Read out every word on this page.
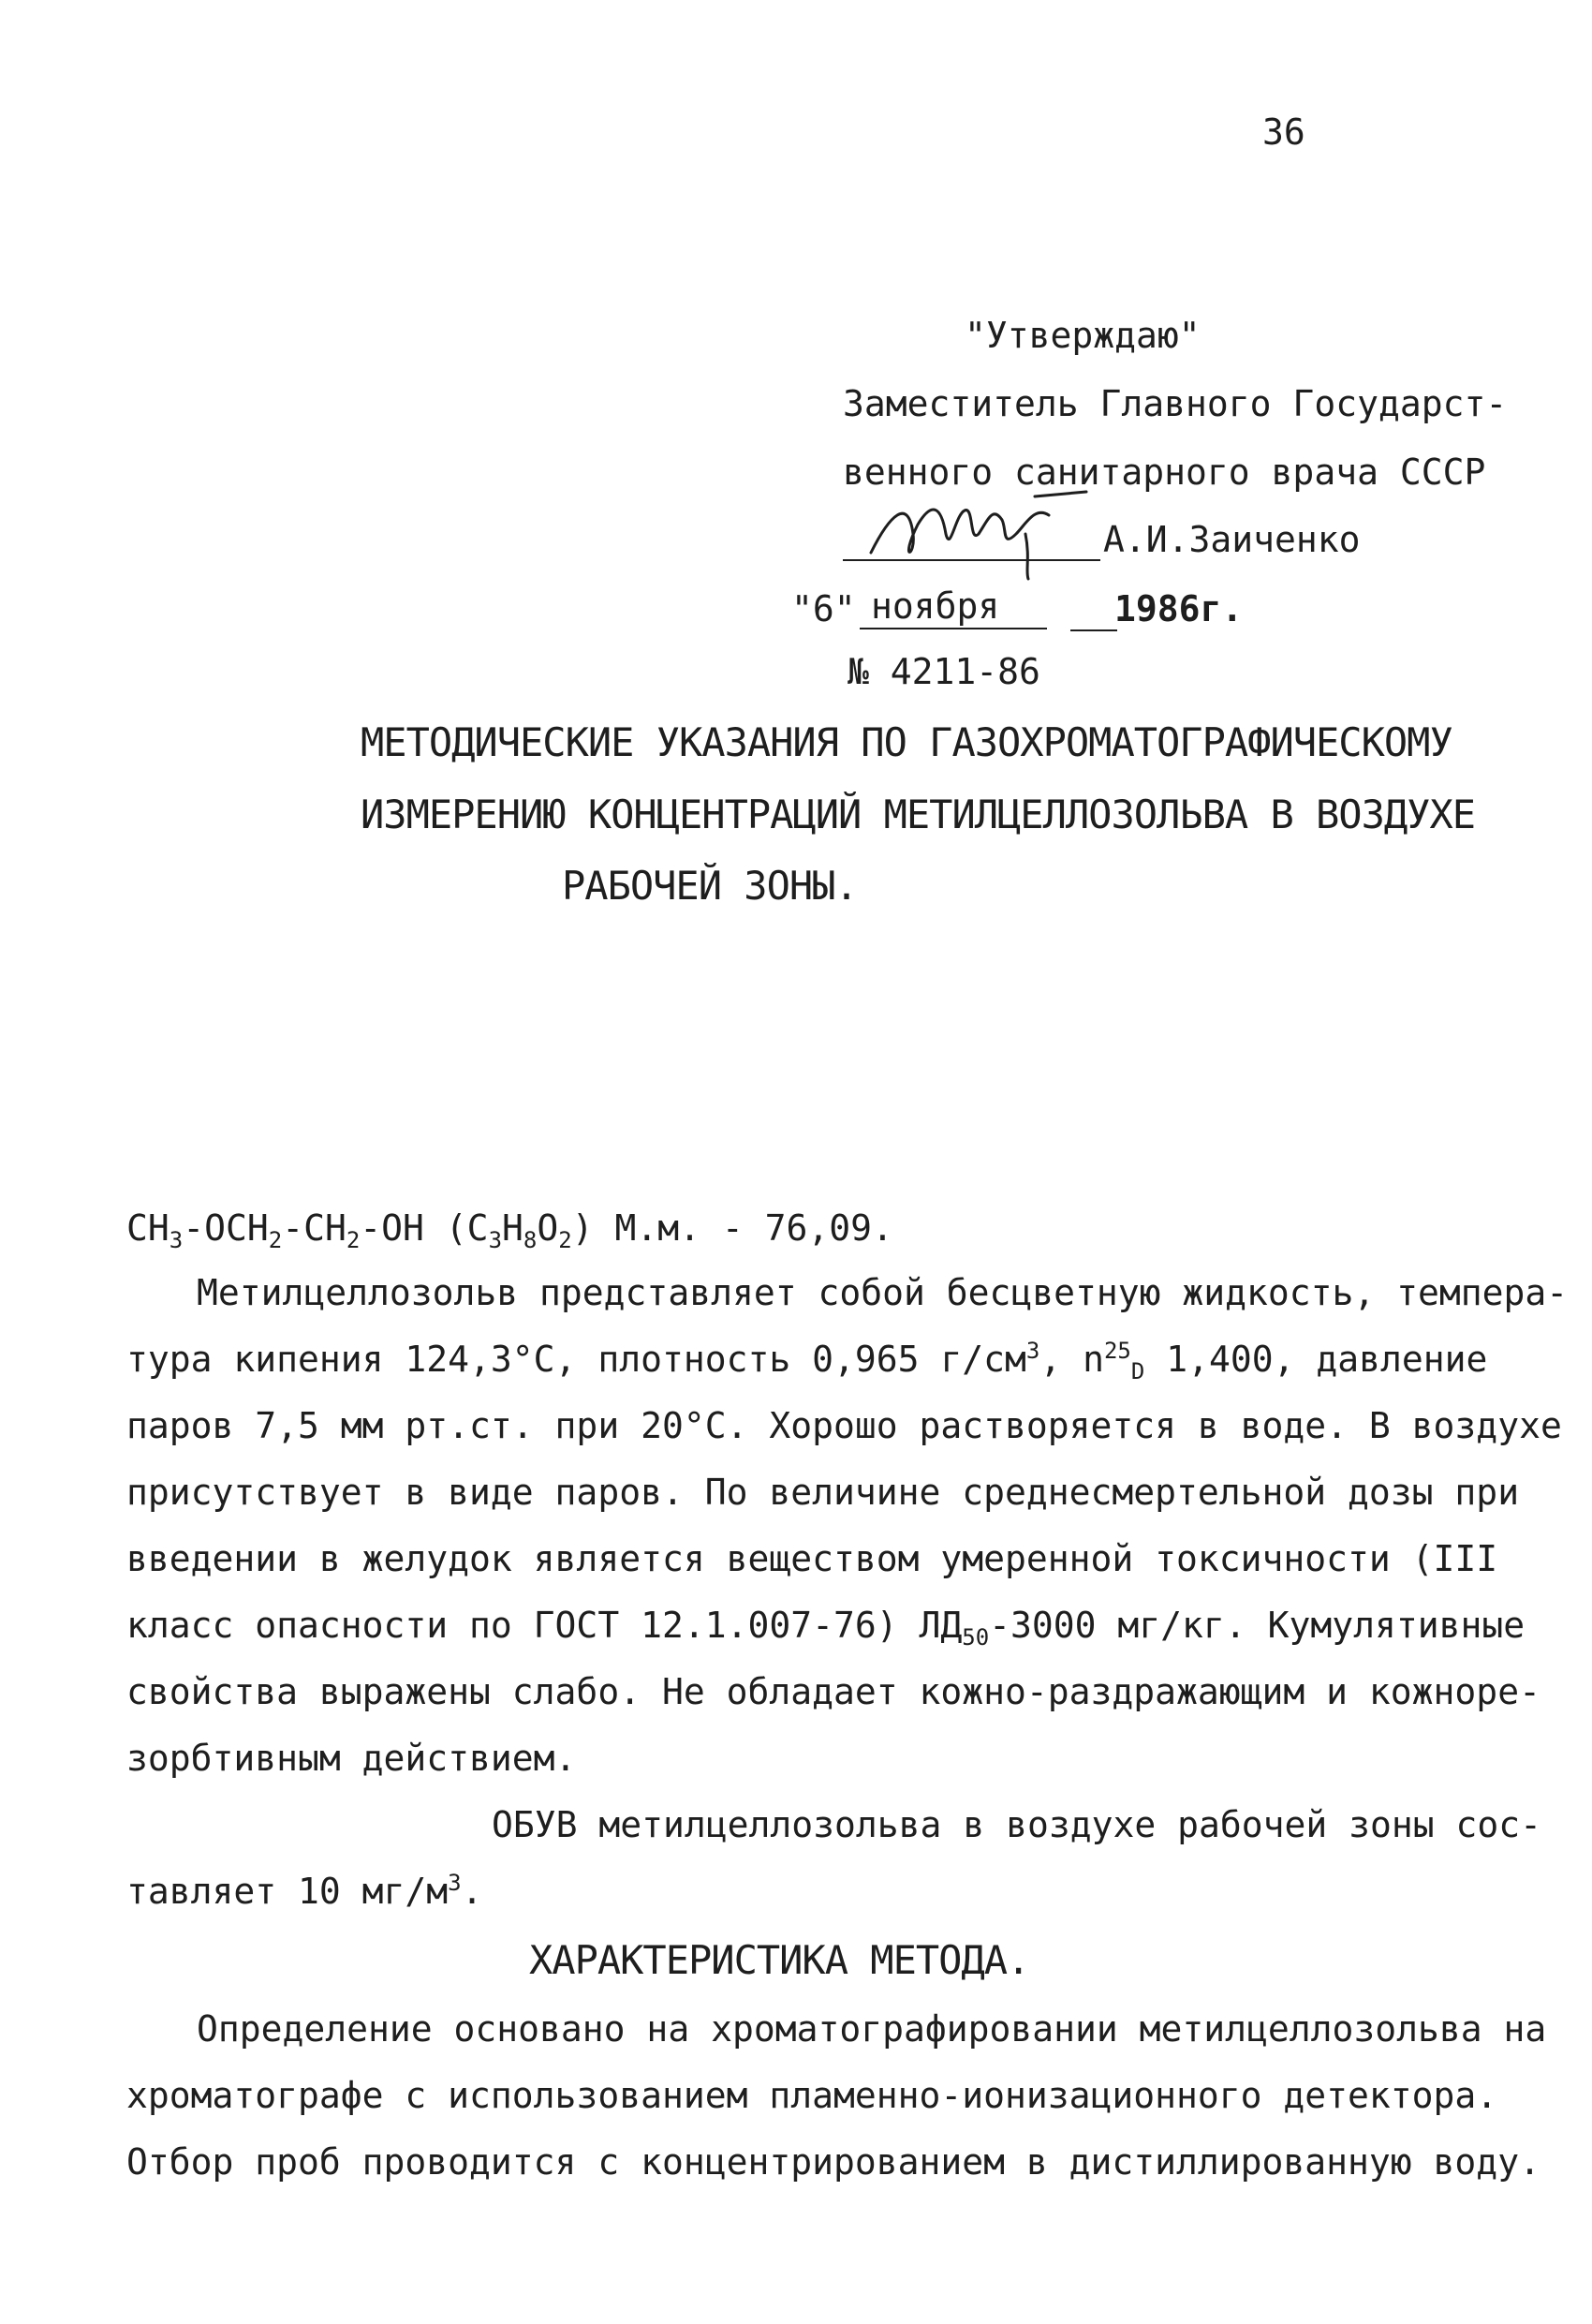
36
"Утверждаю"
Заместитель Главного Государст-
венного санитарного врача СССР
А.И.Заиченко
"6" ноября	1986г.
№ 4211-86
МЕТОДИЧЕСКИЕ УКАЗАНИЯ ПО ГАЗОХРОМАТОГРАФИЧЕСКОМУ
ИЗМЕРЕНИЮ КОНЦЕНТРАЦИЙ МЕТИЛЦЕЛЛОЗОЛЬВА В ВОЗДУХЕ
РАБОЧЕЙ ЗОНЫ.
$CH_3-OCH_2-CH_2-OH$ $(C_3H_8O_2)$ М.м. - 76,09.
Метилцеллозольв представляет собой бесцветную жидкость, темпера-
тура кипения 124,3°С, плотность 0,965 $г/см^3$, $n^{25}_D$ 1,400, давление
паров 7,5 мм рт.ст. при 20°С. Хорошо растворяется в воде. В воздухе
присутствует в виде паров. По величине среднесмертельной дозы при
введении в желудок является веществом умеренной токсичности (III
класс опасности по ГОСТ 12.1.007-76) $ЛД_{50}-3000$ мг/кг. Кумулятивные
свойства выражены слабо. Не обладает кожно-раздражающим и кожноре-
зорбтивным действием.
ОБУВ метилцеллозольва в воздухе рабочей зоны сос-
тавляет 10 $мг/м^3$.
ХАРАКТЕРИСТИКА МЕТОДА.
Определение основано на хроматографировании метилцеллозольва на
хроматографе с использованием пламенно-ионизационного детектора.
Отбор проб проводится с концентрированием в дистиллированную воду.
